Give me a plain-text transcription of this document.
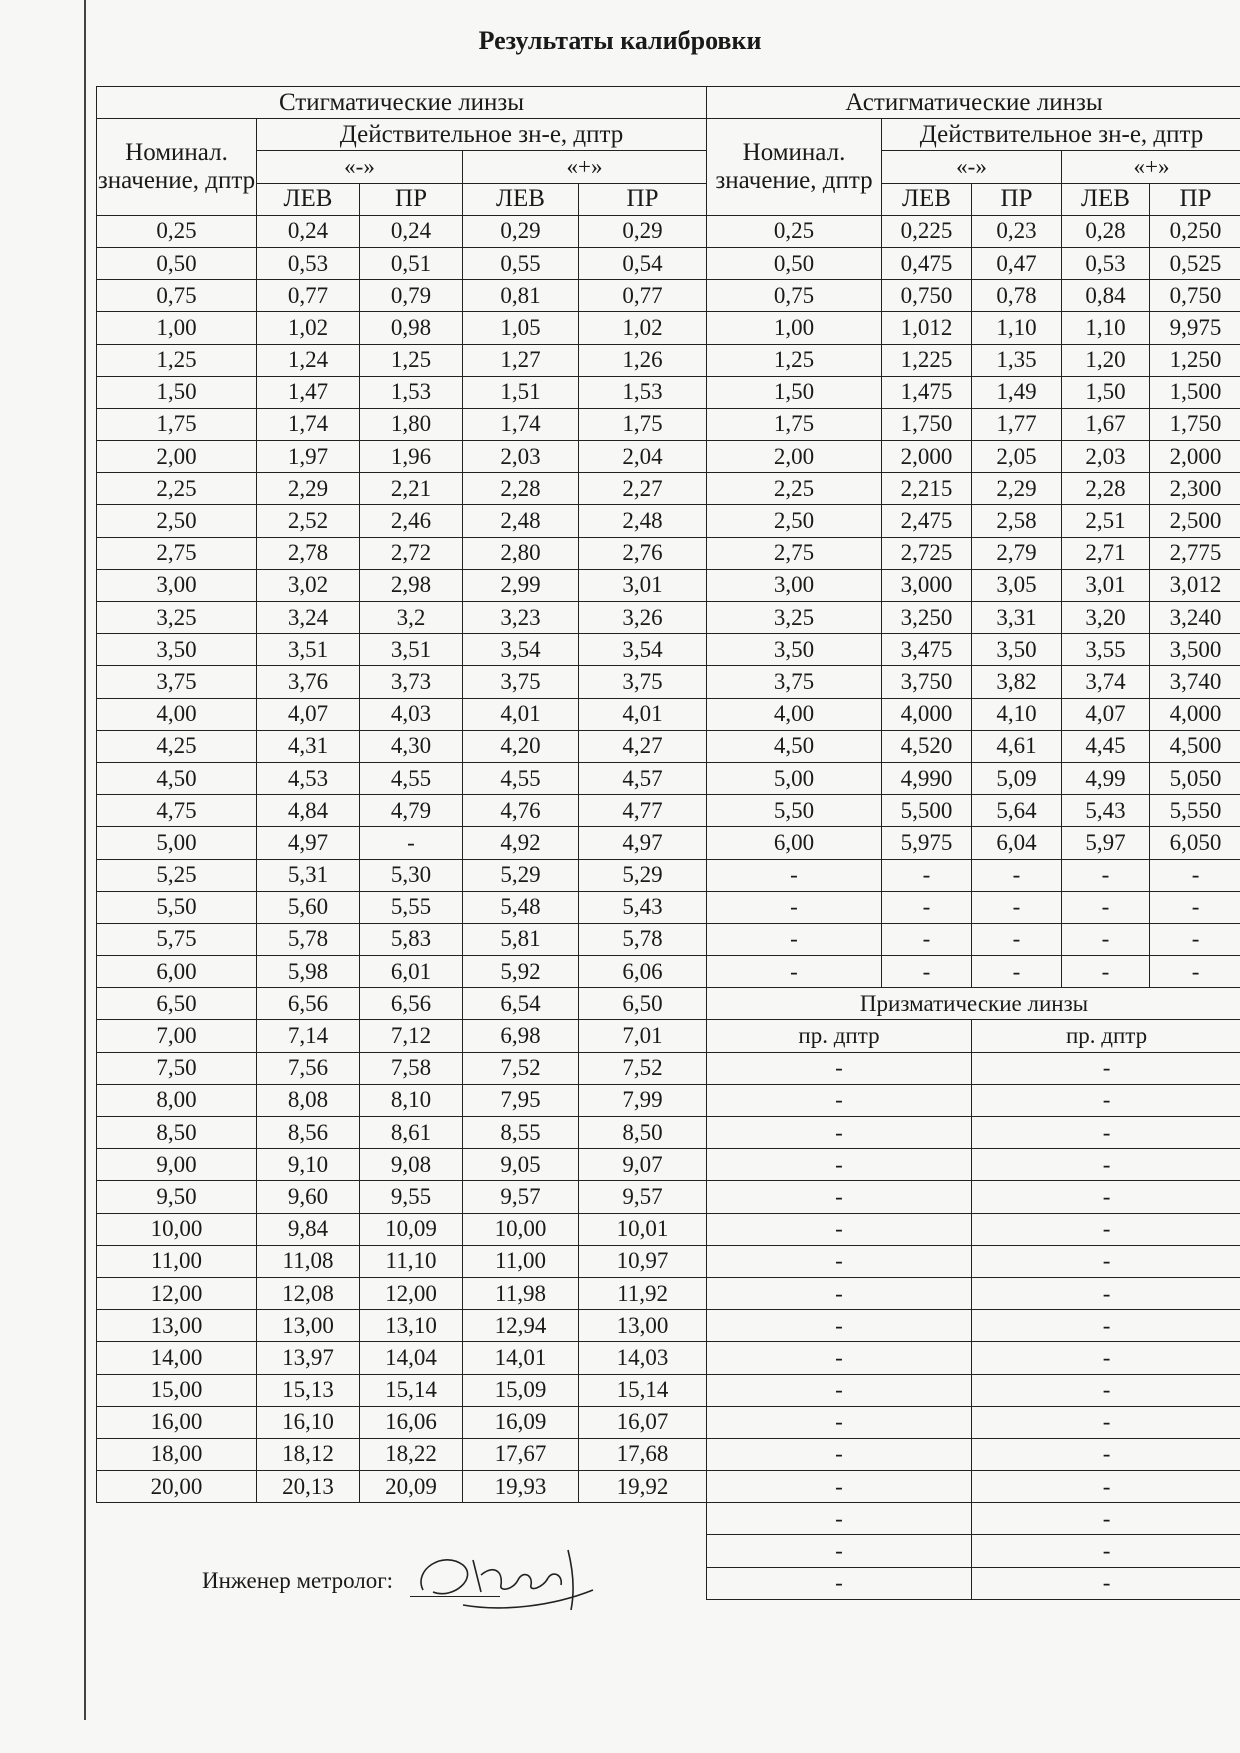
Результаты калибровки
Стигматические линзы				
Номинал. значение, дптр	Действительное зн-е, дптр			
	«-»		«+»	
	ЛЕВ	ПР	ЛЕВ	ПР
0,25	0,24	0,24	0,29	0,29
0,50	0,53	0,51	0,55	0,54
0,75	0,77	0,79	0,81	0,77
1,00	1,02	0,98	1,05	1,02
1,25	1,24	1,25	1,27	1,26
1,50	1,47	1,53	1,51	1,53
1,75	1,74	1,80	1,74	1,75
2,00	1,97	1,96	2,03	2,04
2,25	2,29	2,21	2,28	2,27
2,50	2,52	2,46	2,48	2,48
2,75	2,78	2,72	2,80	2,76
3,00	3,02	2,98	2,99	3,01
3,25	3,24	3,2	3,23	3,26
3,50	3,51	3,51	3,54	3,54
3,75	3,76	3,73	3,75	3,75
4,00	4,07	4,03	4,01	4,01
4,25	4,31	4,30	4,20	4,27
4,50	4,53	4,55	4,55	4,57
4,75	4,84	4,79	4,76	4,77
5,00	4,97	-	4,92	4,97
5,25	5,31	5,30	5,29	5,29
5,50	5,60	5,55	5,48	5,43
5,75	5,78	5,83	5,81	5,78
6,00	5,98	6,01	5,92	6,06
6,50	6,56	6,56	6,54	6,50
7,00	7,14	7,12	6,98	7,01
7,50	7,56	7,58	7,52	7,52
8,00	8,08	8,10	7,95	7,99
8,50	8,56	8,61	8,55	8,50
9,00	9,10	9,08	9,05	9,07
9,50	9,60	9,55	9,57	9,57
10,00	9,84	10,09	10,00	10,01
11,00	11,08	11,10	11,00	10,97
12,00	12,08	12,00	11,98	11,92
13,00	13,00	13,10	12,94	13,00
14,00	13,97	14,04	14,01	14,03
15,00	15,13	15,14	15,09	15,14
16,00	16,10	16,06	16,09	16,07
18,00	18,12	18,22	17,67	17,68
20,00	20,13	20,09	19,93	19,92
Астигматические линзы				
Номинал. значение, дптр	Действительное зн-е, дптр			
	«-»		«+»	
	ЛЕВ	ПР	ЛЕВ	ПР
0,25	0,225	0,23	0,28	0,250
0,50	0,475	0,47	0,53	0,525
0,75	0,750	0,78	0,84	0,750
1,00	1,012	1,10	1,10	9,975
1,25	1,225	1,35	1,20	1,250
1,50	1,475	1,49	1,50	1,500
1,75	1,750	1,77	1,67	1,750
2,00	2,000	2,05	2,03	2,000
2,25	2,215	2,29	2,28	2,300
2,50	2,475	2,58	2,51	2,500
2,75	2,725	2,79	2,71	2,775
3,00	3,000	3,05	3,01	3,012
3,25	3,250	3,31	3,20	3,240
3,50	3,475	3,50	3,55	3,500
3,75	3,750	3,82	3,74	3,740
4,00	4,000	4,10	4,07	4,000
4,50	4,520	4,61	4,45	4,500
5,00	4,990	5,09	4,99	5,050
5,50	5,500	5,64	5,43	5,550
6,00	5,975	6,04	5,97	6,050
-	-	-	-	-
-	-	-	-	-
-	-	-	-	-
-	-	-	-	-
Призматические линзы				
пр. дптр		пр. дптр		
-		-		
-		-		
-		-		
-		-		
-		-		
-		-		
-		-		
-		-		
-		-		
-		-		
-		-		
-		-		
-		-		
-		-		
-		-		
-		-		
-		-		
Инженер метролог:
